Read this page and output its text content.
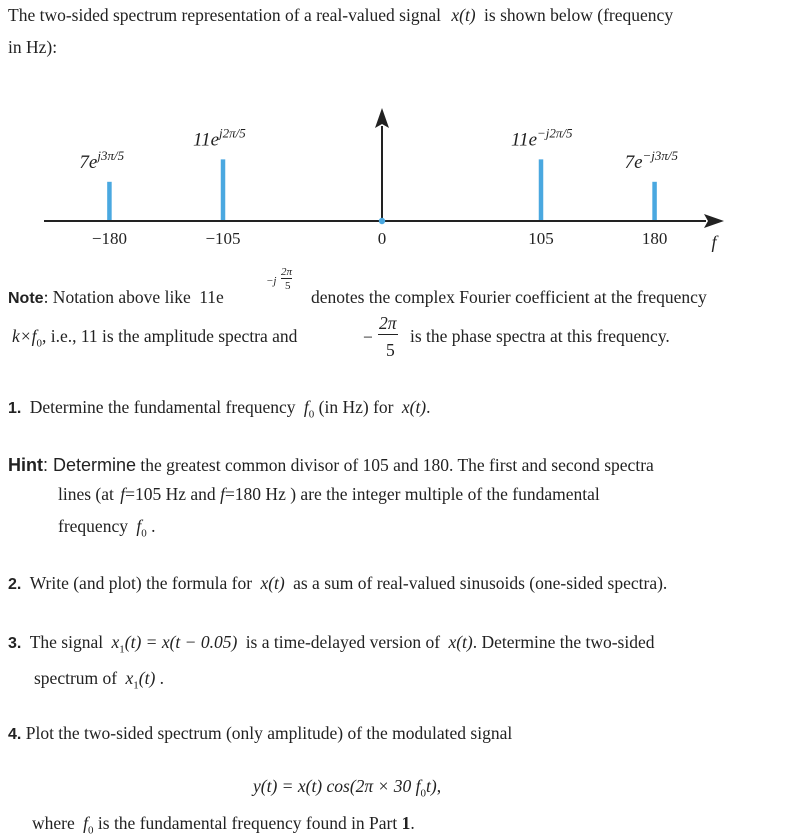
The two-sided spectrum representation of a real-valued signal x(t) is shown below (frequency
in Hz):
−180
$7e^{j3\pi/5}$
−105
$11e^{j2\pi/5}$
105
$11e^{-j2\pi/5}$
180
$7e^{-j3\pi/5}$
0	f
Note: Notation above like 11e
−j
2π
5
denotes the complex Fourier coefficient at the frequency
$k\times f_0$, i.e., 11 is the amplitude spectra and	−
2π
5
is the phase spectra at this frequency.
1. Determine the fundamental frequency $f_0$ (in Hz) for x(t).
Hint: Determine the greatest common divisor of 105 and 180. The first and second spectra
lines (at f=105 Hz and f=180 Hz ) are the integer multiple of the fundamental
frequency $f_0$ .
2. Write (and plot) the formula for x(t) as a sum of real-valued sinusoids (one-sided spectra).
3. The signal $x_1(t) = x(t - 0.05)$ is a time-delayed version of x(t). Determine the two-sided
spectrum of $x_1(t)$ .
4. Plot the two-sided spectrum (only amplitude) of the modulated signal
y(t) = x(t) cos(2π × 30 $f_0t$),
where $f_0$ is the fundamental frequency found in Part 1.
